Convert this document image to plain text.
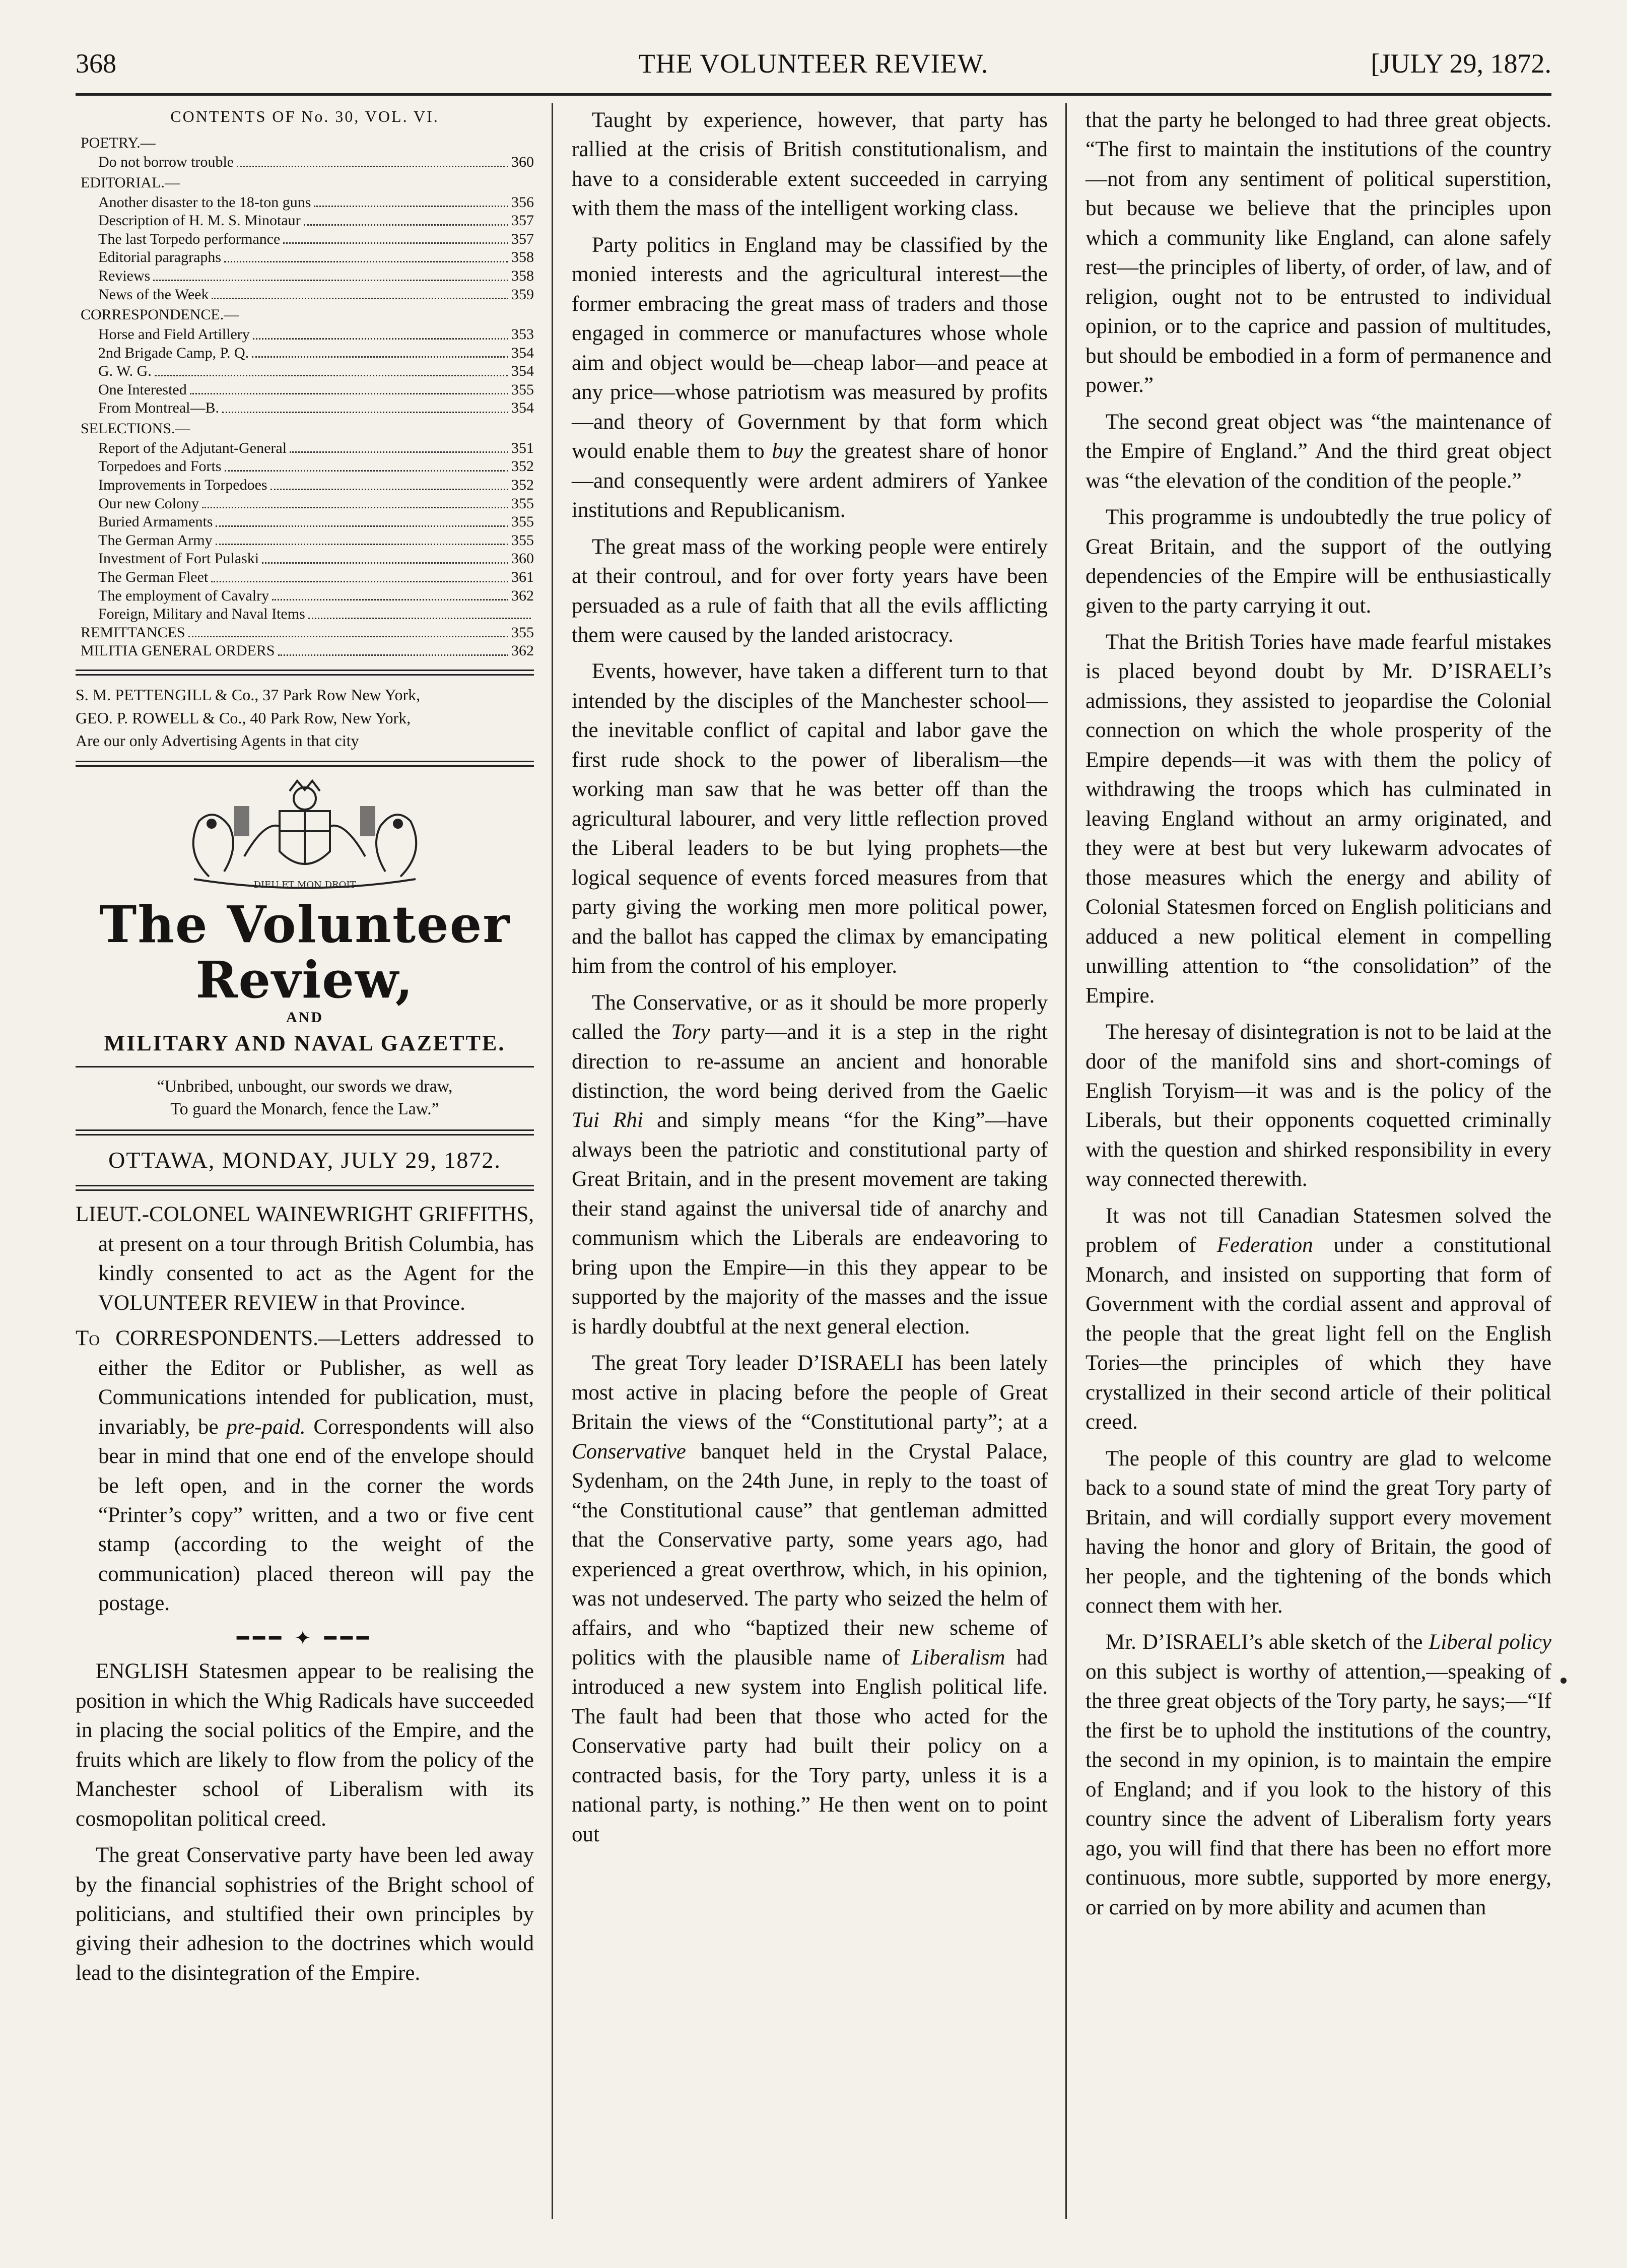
368	THE VOLUNTEER REVIEW.	[JULY 29, 1872.
CONTENTS OF No. 30, VOL. VI.
POETRY.—
Do not borrow trouble	360
EDITORIAL.—
Another disaster to the 18-ton guns	356
Description of H. M. S. Minotaur	357
The last Torpedo performance	357
Editorial paragraphs	358
Reviews	358
News of the Week	359
CORRESPONDENCE.—
Horse and Field Artillery	353
2nd Brigade Camp, P. Q.	354
G. W. G.	354
One Interested	355
From Montreal—B.	354
SELECTIONS.—
Report of the Adjutant-General	351
Torpedoes and Forts	352
Improvements in Torpedoes	352
Our new Colony	355
Buried Armaments	355
The German Army	355
Investment of Fort Pulaski	360
The German Fleet	361
The employment of Cavalry	362
Foreign, Military and Naval Items
REMITTANCES	355
MILITIA GENERAL ORDERS	362
S. M. PETTENGILL & Co., 37 Park Row New York,
GEO. P. ROWELL & Co., 40 Park Row, New York,
Are our only Advertising Agents in that city
DIEU ET MON DROIT
The Volunteer Review,
AND
MILITARY AND NAVAL GAZETTE.
“Unbribed, unbought, our swords we draw,
To guard the Monarch, fence the Law.”
OTTAWA, MONDAY, JULY 29, 1872.
LIEUT.-COLONEL WAINEWRIGHT GRIFFITHS, at present on a tour through British Columbia, has kindly consented to act as the Agent for the VOLUNTEER REVIEW in that Province.
To CORRESPONDENTS.—Letters addressed to either the Editor or Publisher, as well as Communications intended for publication, must, invariably, be pre-paid. Correspondents will also bear in mind that one end of the envelope should be left open, and in the corner the words “Printer’s copy” written, and a two or five cent stamp (according to the weight of the communication) placed thereon will pay the postage.
━━━ ✦ ━━━

ENGLISH Statesmen appear to be realising the position in which the Whig Radicals have succeeded in placing the social politics of the Empire, and the fruits which are likely to flow from the policy of the Manchester school of Liberalism with its cosmopolitan political creed.

The great Conservative party have been led away by the financial sophistries of the Bright school of politicians, and stultified their own principles by giving their adhesion to the doctrines which would lead to the disintegration of the Empire.

Taught by experience, however, that party has rallied at the crisis of British constitutionalism, and have to a considerable extent succeeded in carrying with them the mass of the intelligent working class.

Party politics in England may be classified by the monied interests and the agricultural interest—the former embracing the great mass of traders and those engaged in commerce or manufactures whose whole aim and object would be—cheap labor—and peace at any price—whose patriotism was measured by profits—and theory of Government by that form which would enable them to buy the greatest share of honor—and consequently were ardent admirers of Yankee institutions and Republicanism.

The great mass of the working people were entirely at their controul, and for over forty years have been persuaded as a rule of faith that all the evils afflicting them were caused by the landed aristocracy.

Events, however, have taken a different turn to that intended by the disciples of the Manchester school—the inevitable conflict of capital and labor gave the first rude shock to the power of liberalism—the working man saw that he was better off than the agricultural labourer, and very little reflection proved the Liberal leaders to be but lying prophets—the logical sequence of events forced measures from that party giving the working men more political power, and the ballot has capped the climax by emancipating him from the control of his employer.

The Conservative, or as it should be more properly called the Tory party—and it is a step in the right direction to re-assume an ancient and honorable distinction, the word being derived from the Gaelic Tui Rhi and simply means “for the King”—have always been the patriotic and constitutional party of Great Britain, and in the present movement are taking their stand against the universal tide of anarchy and communism which the Liberals are endeavoring to bring upon the Empire—in this they appear to be supported by the majority of the masses and the issue is hardly doubtful at the next general election.

The great Tory leader D’ISRAELI has been lately most active in placing before the people of Great Britain the views of the “Constitutional party”; at a Conservative banquet held in the Crystal Palace, Sydenham, on the 24th June, in reply to the toast of “the Constitutional cause” that gentleman admitted that the Conservative party, some years ago, had experienced a great overthrow, which, in his opinion, was not undeserved. The party who seized the helm of affairs, and who “baptized their new scheme of politics with the plausible name of Liberalism had introduced a new system into English political life. The fault had been that those who acted for the Conservative party had built their policy on a contracted basis, for the Tory party, unless it is a national party, is nothing.” He then went on to point out

that the party he belonged to had three great objects. “The first to maintain the institutions of the country—not from any sentiment of political superstition, but because we believe that the principles upon which a community like England, can alone safely rest—the principles of liberty, of order, of law, and of religion, ought not to be entrusted to individual opinion, or to the caprice and passion of multitudes, but should be embodied in a form of permanence and power.”

The second great object was “the maintenance of the Empire of England.” And the third great object was “the elevation of the condition of the people.”

This programme is undoubtedly the true policy of Great Britain, and the support of the outlying dependencies of the Empire will be enthusiastically given to the party carrying it out.

That the British Tories have made fearful mistakes is placed beyond doubt by Mr. D’ISRAELI’s admissions, they assisted to jeopardise the Colonial connection on which the whole prosperity of the Empire depends—it was with them the policy of withdrawing the troops which has culminated in leaving England without an army originated, and they were at best but very lukewarm advocates of those measures which the energy and ability of Colonial Statesmen forced on English politicians and adduced a new political element in compelling unwilling attention to “the consolidation” of the Empire.

The heresay of disintegration is not to be laid at the door of the manifold sins and short-comings of English Toryism—it was and is the policy of the Liberals, but their opponents coquetted criminally with the question and shirked responsibility in every way connected therewith.

It was not till Canadian Statesmen solved the problem of Federation under a constitutional Monarch, and insisted on supporting that form of Government with the cordial assent and approval of the people that the great light fell on the English Tories—the principles of which they have crystallized in their second article of their political creed.

The people of this country are glad to welcome back to a sound state of mind the great Tory party of Britain, and will cordially support every movement having the honor and glory of Britain, the good of her people, and the tightening of the bonds which connect them with her.

Mr. D’ISRAELI’s able sketch of the Liberal policy on this subject is worthy of attention,—speaking of the three great objects of the Tory party, he says;—“If the first be to uphold the institutions of the country, the second in my opinion, is to maintain the empire of England; and if you look to the history of this country since the advent of Liberalism forty years ago, you will find that there has been no effort more continuous, more subtle, supported by more energy, or carried on by more ability and acumen than
